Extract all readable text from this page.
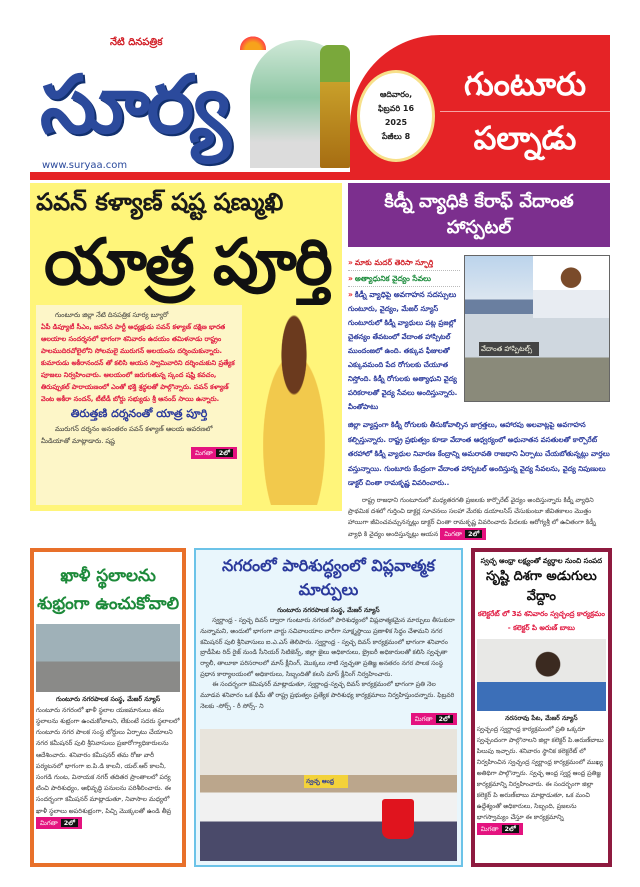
సూర్య
నేటి దినపత్రిక
www.suryaa.com
ఆదివారం,
ఫిబ్రవరి 16
2025
పేజీలు 8
గుంటూరు
పల్నాడు
పవన్ కళ్యాణ్ షష్ట షణ్ముఖి
యాత్ర పూర్తి

గుంటూరు జిల్లా నేటి దినపత్రిక సూర్య బ్యూరో

ఏపీ డిప్యూటీ సీఎం, జనసేన పార్టీ అధ్యక్షుడు పవన్ కళ్యాణ్ దక్షిణ భారత ఆలయాల సందర్శనలో భాగంగా శనివారం ఉదయం తమిళనాడు రాష్ట్రం పాలముదిరచోలైలోని సోలమలై మురుగన్ ఆలయంను దర్శించుకున్నారు. కుమారుడు అకీరానందన్ తో కలిసి ఆయన స్వామివారిని దర్శించుకుని ప్రత్యేక పూజలు నిర్వహించారు. ఆలయంలో జరుగుతున్న స్కంద షష్టి కవచం, తిరుప్పుకల్ పారాయణంలో ఎంతో భక్తి శ్రద్ధలతో పాల్గొన్నారు. పవన్ కళ్యాణ్ వెంట అకీరా నందన్, టీటీడీ బోర్డు సభ్యుడు శ్రీ ఆనంద్ సాయి ఉన్నారు.

తిరుత్తణి దర్శనంతో యాత్ర పూర్తి

మురుగన్ దర్శనం అనంతరం పవన్ కళ్యాణ్ ఆలయ ఆవరణలో మీడియాతో మాట్లాడారు. షష్ట

మిగతా 2లో

కిడ్నీ వ్యాధికి కేరాఫ్ వేదాంత హాస్పటల్
» మాకు మదర్ తెరిసా స్ఫూర్తి
» అత్యాధునిక వైద్యం సేవలు
» కిడ్నీ వ్యాధిపై అవగాహన సదస్సులు
గుంటూరు, వైద్యం, మేజర్ న్యూస్ గుంటూరులో కిడ్నీ వ్యాధులు పట్ల ప్రజల్లో చైతన్యం తేవటంలో వేదాంత హాస్పిటల్ ముందంజలో ఉంది. తక్కువ ఫీజులతో ఎక్కువమంది పేద రోగులకు చేయూత నిస్తోంది. కిడ్నీ రోగులకు అత్యాధుని వైద్య పరికరాలతో వైద్య సేవలు అందిస్తున్నారు. వీంతోపాటు
వేదాంత హాస్పిటల్స్
జిల్లా వ్యాప్తంగా కిడ్నీ రోగులకు తీసుకోవాల్సిన జాగ్రత్తలు, ఆహారపు అలవాట్లపై అవగాహన కల్పిస్తున్నారు. రాష్ట్ర ప్రభుత్వం కూడా వేదాంత ఆధ్వర్యంలో అధునాతన వసతులతో కార్పొరేట్ తరహాలో కిడ్నీ వ్యాధుల నివారణ కేంద్రాన్ని అమరావతి రాజధాని ఏర్పాటు చేయబోతున్నట్లు వార్తలు వస్తున్నాయి. గుంటూరు కేంద్రంగా వేదాంత హాస్పటల్ అందిస్తున్న వైద్య సేవలను, వైద్య నిపుణులు డాక్టర్ చింతా రామకృష్ణ వివరించారు..
రాష్ట్ర రాజధాని గుంటూరులో మధ్యతరగతి ప్రజలకు కార్పొరేట్ వైద్యం అందిస్తున్నారు కిడ్నీ వ్యాధిని ప్రాథమిక దశలో గుర్తించి డాక్టర్ల సూచనలు సలహా మేరకు డయాలసిస్ చేసుకుంటూ జీవితకాలం మొత్తం హాయిగా జీవించవచ్చునన్నట్లు డాక్టర్ చింతా రామకృష్ణ వివరించారు పేదలకు ఆరోగ్యశ్రీ లో ఉచితంగా కిడ్నీ వ్యాధి కి వైద్యం అందిస్తున్నట్లు ఆయన మిగతా 2లో
ఖాళీ స్థలాలను
శుభ్రంగా ఉంచుకోవాలి
గుంటూరు నగరపాలక సంస్థ, మేజర్ న్యూస్
గుంటూరు నగరంలో ఖాళీ స్థలాల యజమానులు తమ స్థలాలను శుభ్రంగా ఉంచుకోవాలని, లేకుంటే సదరు స్థలాలలో గుంటూరు నగర పాలక సంస్థ బోర్డులు ఏర్పాటు చేయాలని నగర కమీషనర్ పులి శ్రీనివాసులు ప్రజారోగ్యాధికారులను ఆదేశించారు. శనివారం కమీషనర్ తమ రోజు వారీ పర్యటనలో భాగంగా ఐ.పి.డి కాలనీ, యల్.ఆర్ కాలనీ, సంగడి గుంట, వినాయక నగర్ తదితర ప్రాంతాలలో పర్య టించి పారిశుధ్యం, అభివృద్ధి పనులను పరిశీలించారు. ఈ సందర్భంగా కమీషనర్ మాట్లాడుతూ, నివాసాల మధ్యలో ఖాళీ స్థలాలు అపరిశుభ్రంగా, పిచ్చి మొక్కలతో ఉండి తీవ్ర మిగతా 2లో
నగరంలో పారిశుద్ధ్యంలో విప్లవాత్మక మార్పులు
గుంటూరు నగరపాలక సంస్థ, మేజర్ న్యూస్

స్వర్ణాంధ్ర - స్వచ్ఛ దివస్ ద్వారా గుంటూరు నగరంలో పారిశుధ్యంలో విప్లవాత్మకమైన మార్పులు తీసుకురా నున్నామని, అందులో భాగంగా వార్డు సచివాలయాల వారీగా సూక్ష్మస్థాయి ప్రణాళిక సిద్ధం చేశామని నగర కమిషనర్ పులి శ్రీనివాసులు ఐ.ఎ.ఎస్ తెలిపారు. స్వర్ణాంధ్ర - స్వచ్ఛ దివస్ కార్యక్రమంలో భాగంగా శనివారం బ్రాడీపేట రిద్ రైజ్ నుండి సీనియర్ సిటిజెన్స్, జిల్లా జైలు అధికారులు, బ్రైబరీ అధికారులతో కలిసి స్వచ్ఛతా ర్యాలీ, తాలూకా పరిసరాలలో మాస్ క్లీనింగ్, మొక్కలు నాటి స్వచ్ఛతా ప్రతిజ్ఞ అనతరం నగర పాలక సంస్థ ప్రధాన కార్యాలయంలో అధికారులు, సిబ్బందితో కలసి మాస్ క్లీనింగ్ నిర్వహించారు.

ఈ సందర్భంగా కమిషనర్ మాట్లాడుతూ, స్వర్ణాంధ్ర-స్వచ్ఛ దివస్ కార్యక్రమంలో భాగంగా ప్రతి నెల మూడవ శనివారం ఒక థీమ్ తో రాష్ట్ర ప్రభుత్వం ప్రత్యేక పారిశుధ్య కార్యక్రమాలు నిర్వహిస్తుందన్నారు. ఫిబ్రవరి నెలకు -సోర్స్ - రీ సోర్స్- ని

మిగతా 2లో

స్వచ్ఛ ఆంధ్ర
స్వచ్ఛ ఆంధ్రా లక్ష్యంతో వ్యర్థాల నుంచి సంపద
సృష్టి దిశగా అడుగులు వేద్దాం
కలెక్టరేట్ లో 3వ శనివారం స్వచ్ఛంద్ర కార్యక్రమం - కలెక్టర్ పి అరుణ్ బాబు
నరసరావు పేట, మేజర్ న్యూస్
స్వచ్ఛంద్ర స్వర్ణాంధ్ర కార్యక్రమంలో ప్రతి ఒక్కరూ స్వచ్ఛందంగా పాల్గొనాలని జిల్లా కలెక్టర్ పి.అరుణ్‌బాబు పిలుపు ఇచ్చారు. శనివారం స్థానిక కలెక్టరేట్ లో నిర్వహించిన స్వచ్ఛంద్ర స్వర్ణాంధ్ర కార్యక్రమంలో ముఖ్య అతిథిగా పాల్గొన్నారు. స్వచ్ఛ ఆంధ్ర స్వర్ణ ఆంధ్ర ప్రతిజ్ఞ కార్యక్రమాన్ని నిర్వహించారు. ఈ సందర్భంగా జిల్లా కలెక్టర్ పి అరుణ్‌బాబు మాట్లాడుతూ, ఒక మంచి ఉద్దేశ్యంతో అధికారులు, సిబ్బంది, ప్రజలను భాగస్వామ్యం చేస్తూ ఈ కార్యక్రమాన్ని మిగతా 2లో
